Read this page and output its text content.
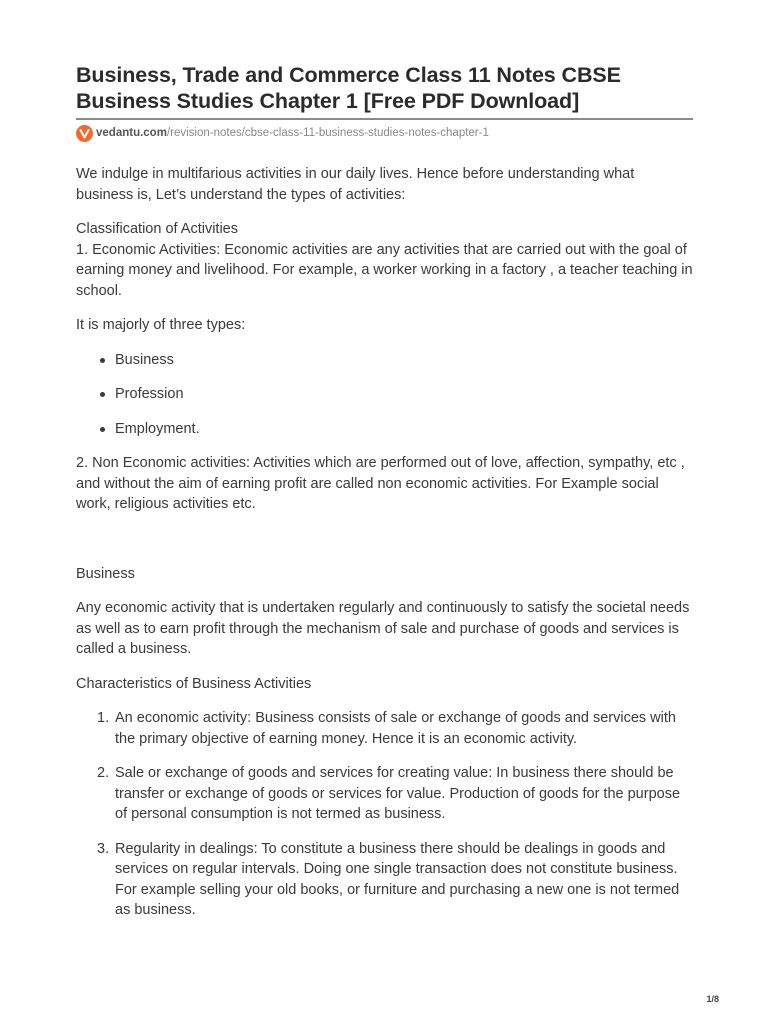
Business, Trade and Commerce Class 11 Notes CBSE
Business Studies Chapter 1 [Free PDF Download]
vedantu.com /revision-notes/cbse-class-11-business-studies-notes-chapter-1

We indulge in multifarious activities in our daily lives. Hence before understanding what business is, Let’s understand the types of activities:

Classification of Activities

1. Economic Activities: Economic activities are any activities that are carried out with the goal of earning money and livelihood. For example, a worker working in a factory , a teacher teaching in school.

It is majorly of three types:

Business
Profession
Employment.

2. Non Economic activities: Activities which are performed out of love, affection, sympathy, etc , and without the aim of earning profit are called non economic activities. For Example social work, religious activities etc.

Business

Any economic activity that is undertaken regularly and continuously to satisfy the societal needs as well as to earn profit through the mechanism of sale and purchase of goods and services is called a business.

Characteristics of Business Activities

1. An economic activity: Business consists of sale or exchange of goods and services with the primary objective of earning money. Hence it is an economic activity.
2. Sale or exchange of goods and services for creating value: In business there should be transfer or exchange of goods or services for value. Production of goods for the purpose of personal consumption is not termed as business.
3. Regularity in dealings: To constitute a business there should be dealings in goods and services on regular intervals. Doing one single transaction does not constitute business. For example selling your old books, or furniture and purchasing a new one is not termed as business.
1/8
